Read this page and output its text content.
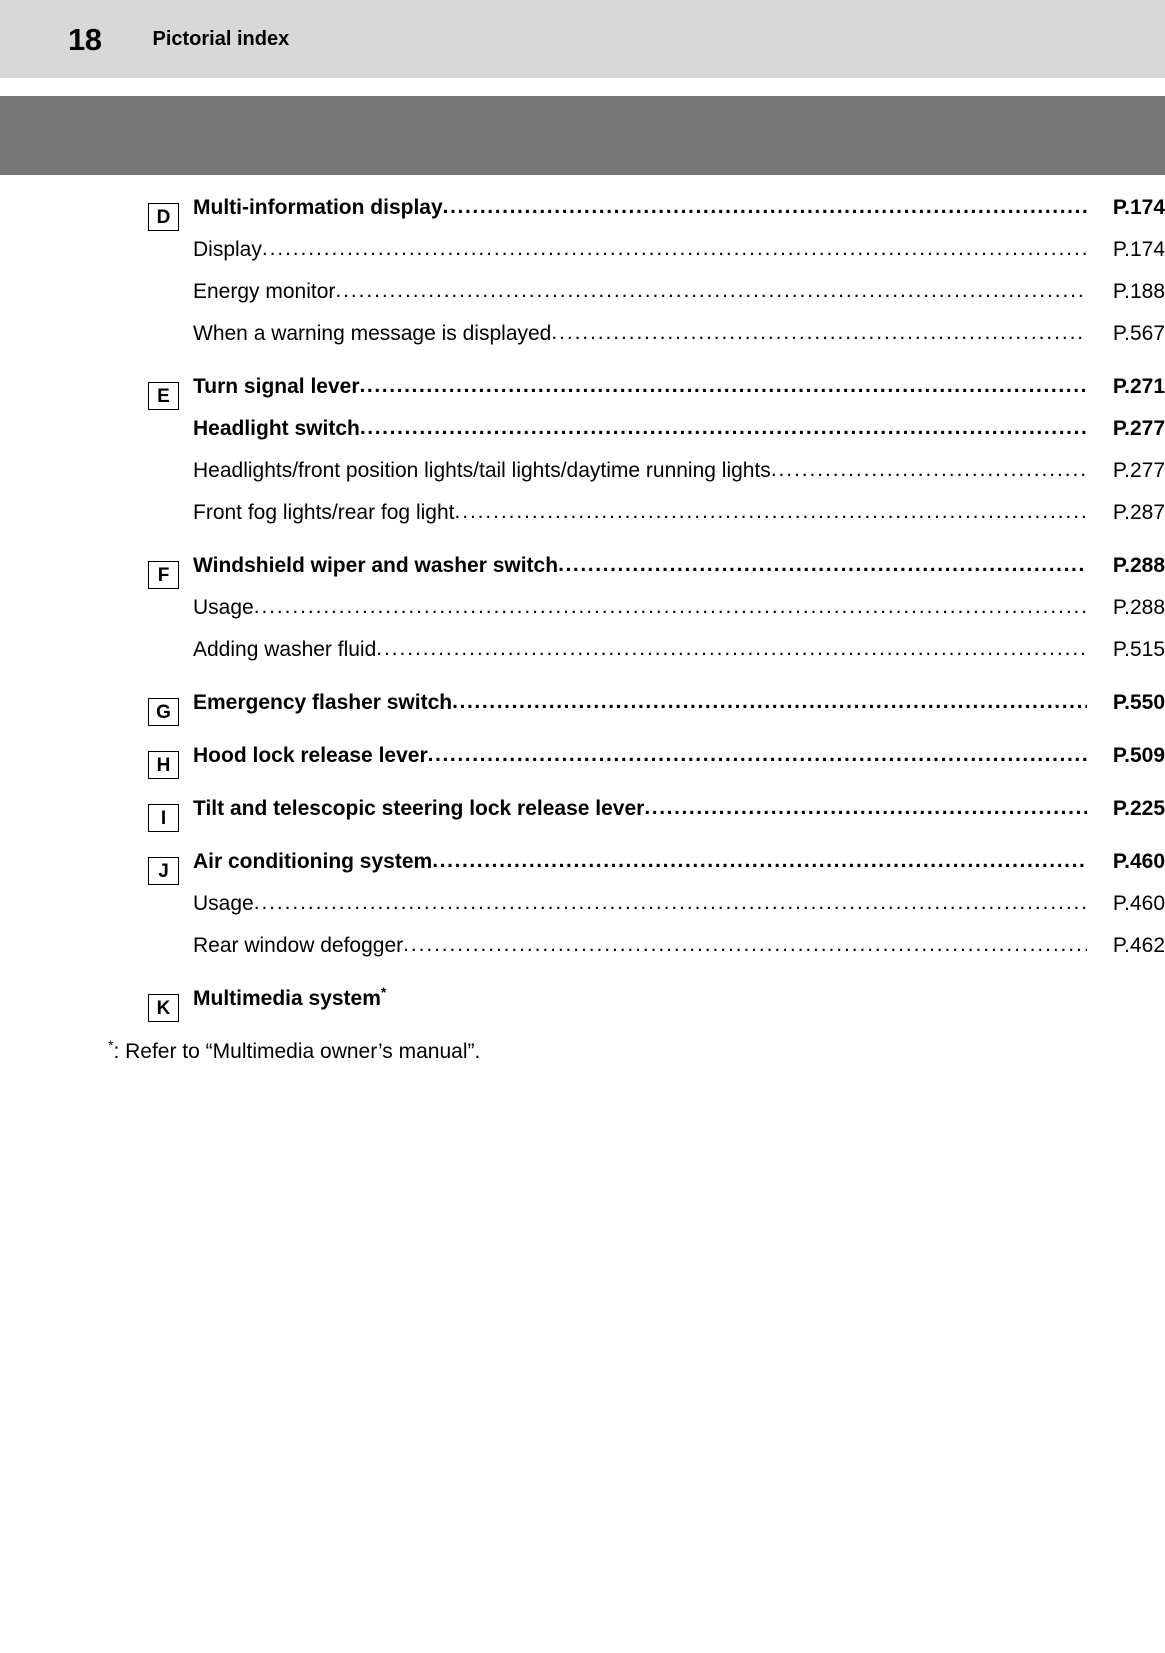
18	Pictorial index
D	Multi-information display .....	P.174
Display .....	P.174
Energy monitor .....	P.188
When a warning message is displayed .....	P.567
E	Turn signal lever .....	P.271
Headlight switch .....	P.277
Headlights/front position lights/tail lights/daytime running lights .....	P.277
Front fog lights/rear fog light .....	P.287
F	Windshield wiper and washer switch .....	P.288
Usage .....	P.288
Adding washer fluid .....	P.515
G	Emergency flasher switch .....	P.550
H	Hood lock release lever .....	P.509
I	Tilt and telescopic steering lock release lever .....	P.225
J	Air conditioning system .....	P.460
Usage .....	P.460
Rear window defogger .....	P.462
K	Multimedia system*
*: Refer to “Multimedia owner’s manual”.
